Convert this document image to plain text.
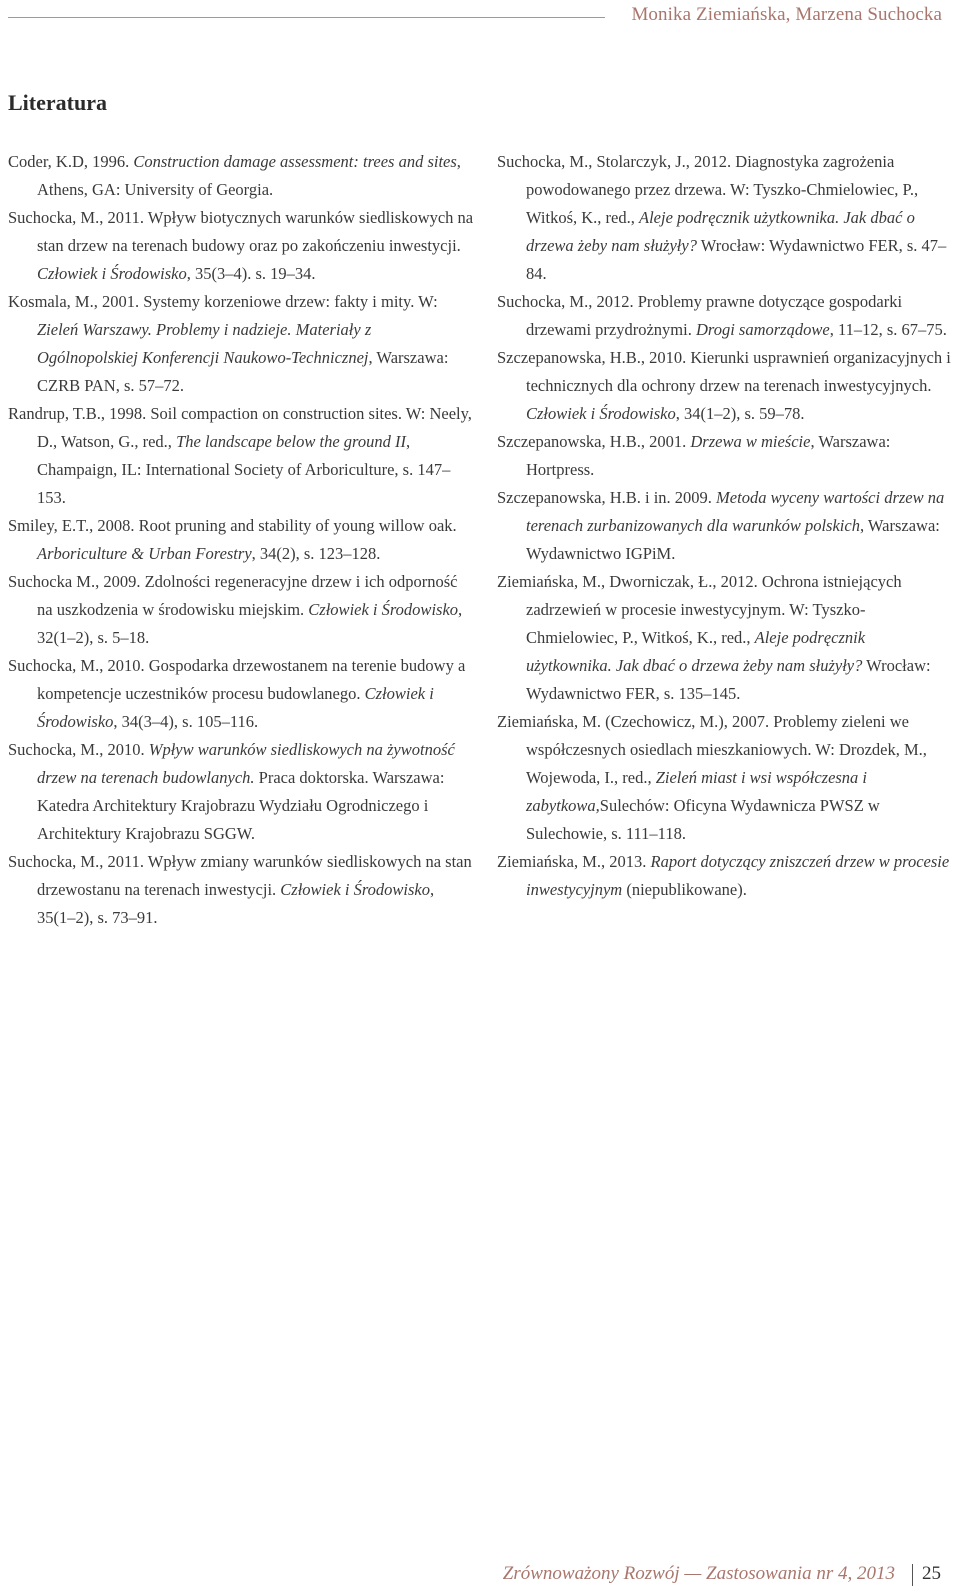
Monika Ziemiańska, Marzena Suchocka
Literatura

Coder, K.D, 1996. Construction damage assessment: trees and sites, Athens, GA: University of Georgia.

Suchocka, M., 2011. Wpływ biotycznych warunków siedliskowych na stan drzew na terenach budowy oraz po zakończeniu inwestycji. Człowiek i Środowisko, 35(3–4). s. 19–34.

Kosmala, M., 2001. Systemy korzeniowe drzew: fakty i mity. W: Zieleń Warszawy. Problemy i nadzieje. Materiały z Ogólnopolskiej Konferencji Naukowo-Technicznej, Warszawa: CZRB PAN, s. 57–72.

Randrup, T.B., 1998. Soil compaction on construction sites. W: Neely, D., Watson, G., red., The landscape below the ground II, Champaign, IL: International Society of Arboriculture, s. 147–153.

Smiley, E.T., 2008. Root pruning and stability of young willow oak. Arboriculture & Urban Forestry, 34(2), s. 123–128.

Suchocka M., 2009. Zdolności regeneracyjne drzew i ich odporność na uszkodzenia w środowisku miejskim. Człowiek i Środowisko, 32(1–2), s. 5–18.

Suchocka, M., 2010. Gospodarka drzewostanem na terenie budowy a kompetencje uczestników procesu budowlanego. Człowiek i Środowisko, 34(3–4), s. 105–116.

Suchocka, M., 2010. Wpływ warunków siedliskowych na żywotność drzew na terenach budowlanych. Praca doktorska. Warszawa: Katedra Architektury Krajobrazu Wydziału Ogrodniczego i Architektury Krajobrazu SGGW.

Suchocka, M., 2011. Wpływ zmiany warunków siedliskowych na stan drzewostanu na terenach inwestycji. Człowiek i Środowisko, 35(1–2), s. 73–91.

Suchocka, M., Stolarczyk, J., 2012. Diagnostyka zagrożenia powodowanego przez drzewa. W: Tyszko-Chmielowiec, P., Witkoś, K., red., Aleje podręcznik użytkownika. Jak dbać o drzewa żeby nam służyły? Wrocław: Wydawnictwo FER, s. 47–84.

Suchocka, M., 2012. Problemy prawne dotyczące gospodarki drzewami przydrożnymi. Drogi samorządowe, 11–12, s. 67–75.

Szczepanowska, H.B., 2010. Kierunki usprawnień organizacyjnych i technicznych dla ochrony drzew na terenach inwestycyjnych. Człowiek i Środowisko, 34(1–2), s. 59–78.

Szczepanowska, H.B., 2001. Drzewa w mieście, Warszawa: Hortpress.

Szczepanowska, H.B. i in. 2009. Metoda wyceny wartości drzew na terenach zurbanizowanych dla warunków polskich, Warszawa: Wydawnictwo IGPiM.

Ziemiańska, M., Dworniczak, Ł., 2012. Ochrona istniejących zadrzewień w procesie inwestycyjnym. W: Tyszko-Chmielowiec, P., Witkoś, K., red., Aleje podręcznik użytkownika. Jak dbać o drzewa żeby nam służyły? Wrocław: Wydawnictwo FER, s. 135–145.

Ziemiańska, M. (Czechowicz, M.), 2007. Problemy zieleni we współczesnych osiedlach mieszkaniowych. W: Drozdek, M., Wojewoda, I., red., Zieleń miast i wsi współczesna i zabytkowa,Sulechów: Oficyna Wydawnicza PWSZ w Sulechowie, s. 111–118.

Ziemiańska, M., 2013. Raport dotyczący zniszczeń drzew w procesie inwestycyjnym (niepublikowane).

Zrównoważony Rozwój — Zastosowania nr 4, 2013 25
